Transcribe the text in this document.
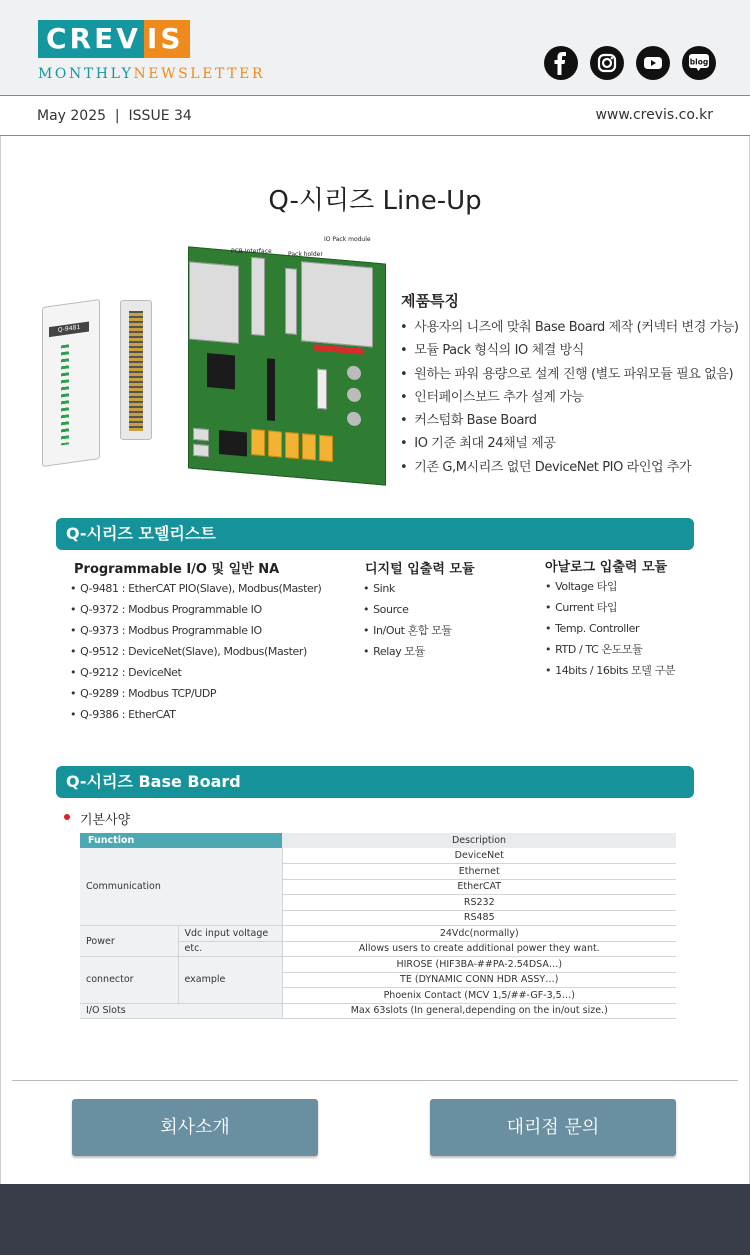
CREV IS
MONTHLYNEWSLETTER
blog
May 2025  |  ISSUE 34	www.crevis.co.kr
Q-시리즈 Line-Up
Q-9481
PCB Interface	Pack holder
IO Pack module
제품특징
• 사용자의 니즈에 맞춰 Base Board 제작 (커넥터 변경 가능)
• 모듈 Pack 형식의 IO 체결 방식
• 원하는 파워 용량으로 설계 진행 (별도 파워모듈 필요 없음)
• 인터페이스보드 추가 설계 가능
• 커스텀화 Base Board
• IO 기준 최대 24채널 제공
• 기존 G,M시리즈 없던 DeviceNet PIO 라인업 추가
Q-시리즈 모델리스트
Programmable I/O 및 일반 NA
• Q-9481 : EtherCAT PIO(Slave), Modbus(Master)
• Q-9372 : Modbus Programmable IO
• Q-9373 : Modbus Programmable IO
• Q-9512 : DeviceNet(Slave), Modbus(Master)
• Q-9212 : DeviceNet
• Q-9289 : Modbus TCP/UDP
• Q-9386 : EtherCAT
디지털 입출력 모듈
• Sink
• Source
• In/Out 혼합 모듈
• Relay 모듈
아날로그 입출력 모듈
• Voltage 타입
• Current 타입
• Temp. Controller
• RTD / TC 온도모듈
• 14bits / 16bits 모델 구분
Q-시리즈 Base Board
기본사양
Function		Description
Communication		DeviceNet
		Ethernet
		EtherCAT
		RS232
		RS485
Power	Vdc input voltage	24Vdc(normally)
	etc.	Allows users to create additional power they want.
connector	example	HIROSE (HIF3BA-##PA-2.54DSA…)
		TE (DYNAMIC CONN HDR ASSY…)
		Phoenix Contact (MCV 1,5/##-GF-3,5…)
I/O Slots		Max 63slots (In general,depending on the in/out size.)
회사소개	대리점 문의
